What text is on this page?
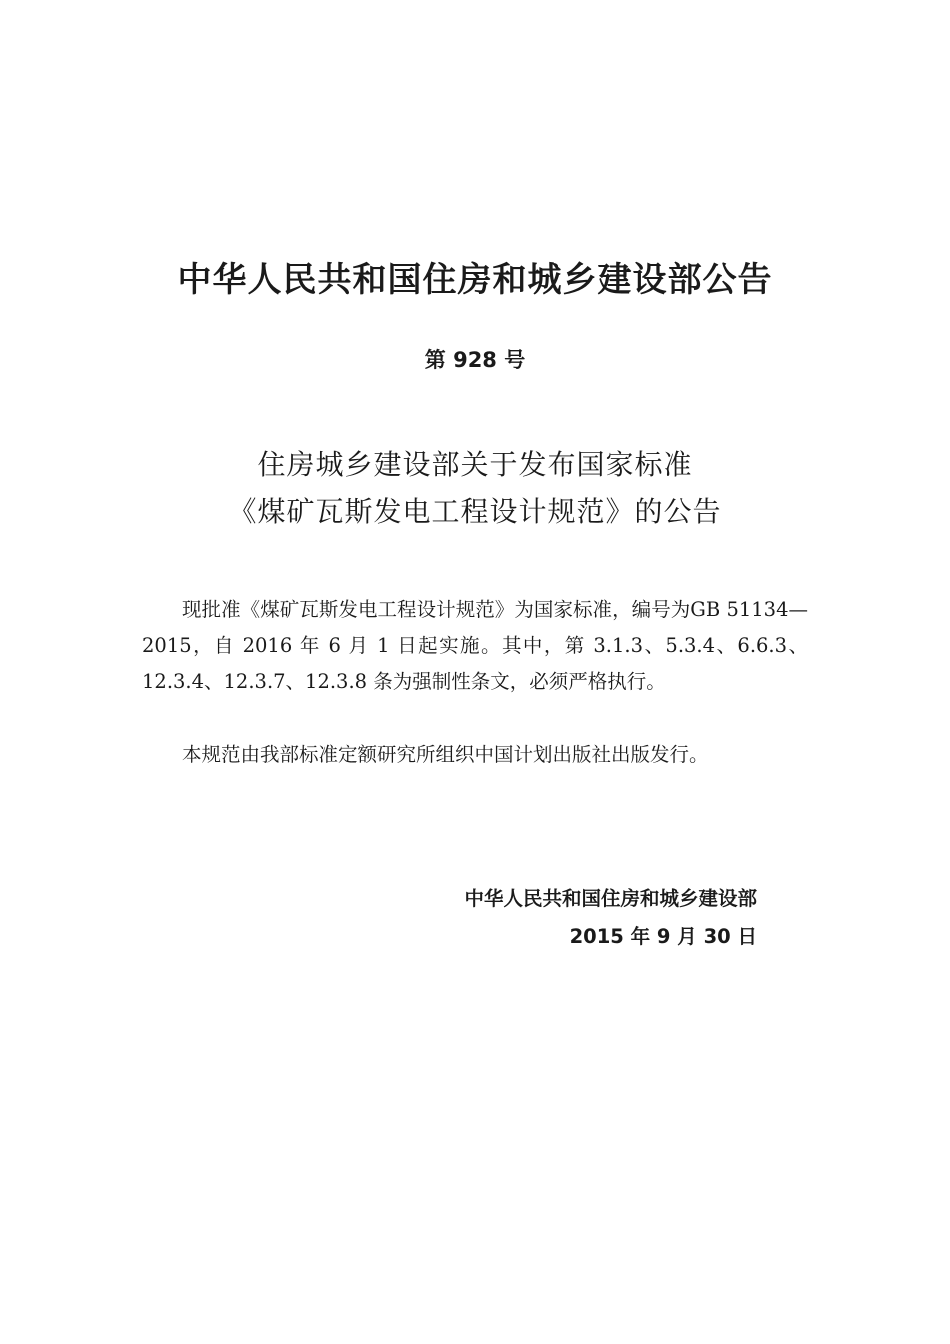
中华人民共和国住房和城乡建设部公告
第 928 号
住房城乡建设部关于发布国家标准
《煤矿瓦斯发电工程设计规范》的公告

现批准《煤矿瓦斯发电工程设计规范》为国家标准，编号为GB 51134—2015，自 2016 年 6 月 1 日起实施。其中，第 3.1.3、5.3.4、6.6.3、12.3.4、12.3.7、12.3.8 条为强制性条文，必须严格执行。

本规范由我部标准定额研究所组织中国计划出版社出版发行。

中华人民共和国住房和城乡建设部
2015 年 9 月 30 日
